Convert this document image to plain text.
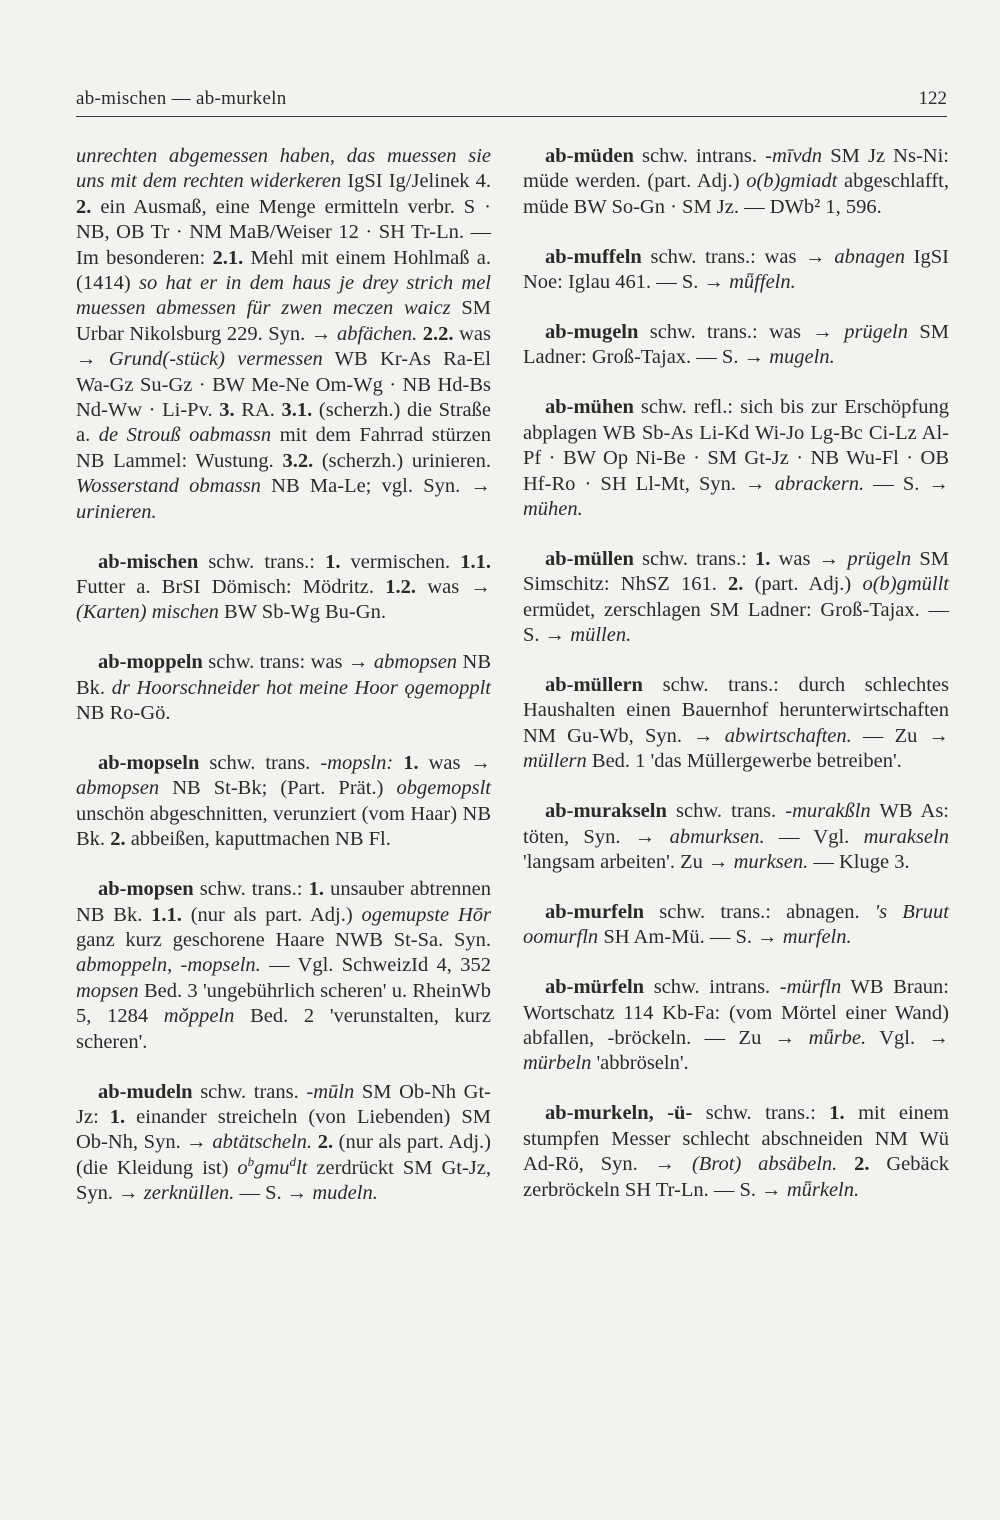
ab-mischen — ab-murkeln	122

unrechten abgemessen haben, das muessen sie uns mit dem rechten widerkeren IgSI Ig/Jelinek 4. 2. ein Ausmaß, eine Menge ermitteln verbr. S · NB, OB Tr · NM MaB/Weiser 12 · SH Tr-Ln. — Im besonderen: 2.1. Mehl mit einem Hohlmaß a. (1414) so hat er in dem haus je drey strich mel muessen abmessen für zwen meczen waicz SM Urbar Nikolsburg 229. Syn. → abfächen. 2.2. was → Grund(-stück) vermessen WB Kr-As Ra-El Wa-Gz Su-Gz · BW Me-Ne Om-Wg · NB Hd-Bs Nd-Ww · Li-Pv. 3. RA. 3.1. (scherzh.) die Straße a. de Strouß oabmassn mit dem Fahrrad stürzen NB Lammel: Wustung. 3.2. (scherzh.) urinieren. Wosserstand obmassn NB Ma-Le; vgl. Syn. → urinieren.

ab-mischen schw. trans.: 1. vermischen. 1.1. Futter a. BrSI Dömisch: Mödritz. 1.2. was → (Karten) mischen BW Sb-Wg Bu-Gn.

ab-moppeln schw. trans: was → abmopsen NB Bk. dr Hoorschneider hot meine Hoor ǫgemopplt NB Ro-Gö.

ab-mopseln schw. trans. -mopsln: 1. was → abmopsen NB St-Bk; (Part. Prät.) obgemopslt unschön abgeschnitten, verunziert (vom Haar) NB Bk. 2. abbeißen, kaputtmachen NB Fl.

ab-mopsen schw. trans.: 1. unsauber abtrennen NB Bk. 1.1. (nur als part. Adj.) ogemupste Hōr ganz kurz geschorene Haare NWB St-Sa. Syn. abmoppeln, -mopseln. — Vgl. SchweizId 4, 352 mopsen Bed. 3 'ungebührlich scheren' u. RheinWb 5, 1284 mǒppeln Bed. 2 'verunstalten, kurz scheren'.

ab-mudeln schw. trans. -mūln SM Ob-Nh Gt-Jz: 1. einander streicheln (von Liebenden) SM Ob-Nh, Syn. → abtätscheln. 2. (nur als part. Adj.) (die Kleidung ist) $o^bgmu^dlt$ zerdrückt SM Gt-Jz, Syn. → zerknüllen. — S. → mudeln.

ab-müden schw. intrans. -mīvdn SM Jz Ns-Ni: müde werden. (part. Adj.) o(b)gmiadt abgeschlafft, müde BW So-Gn · SM Jz. — DWb² 1, 596.

ab-muffeln schw. trans.: was → abnagen IgSI Noe: Iglau 461. — S. → mǖffeln.

ab-mugeln schw. trans.: was → prügeln SM Ladner: Groß-Tajax. — S. → mugeln.

ab-mühen schw. refl.: sich bis zur Erschöpfung abplagen WB Sb-As Li-Kd Wi-Jo Lg-Bc Ci-Lz Al-Pf · BW Op Ni-Be · SM Gt-Jz · NB Wu-Fl · OB Hf-Ro · SH Ll-Mt, Syn. → abrackern. — S. → mühen.

ab-müllen schw. trans.: 1. was → prügeln SM Simschitz: NhSZ 161. 2. (part. Adj.) o(b)gmüllt ermüdet, zerschlagen SM Ladner: Groß-Tajax. — S. → müllen.

ab-müllern schw. trans.: durch schlechtes Haushalten einen Bauernhof herunterwirtschaften NM Gu-Wb, Syn. → abwirtschaften. — Zu → müllern Bed. 1 'das Müllergewerbe betreiben'.

ab-murakseln schw. trans. -murakßln WB As: töten, Syn. → abmurksen. — Vgl. murakseln 'langsam arbeiten'. Zu → murksen. — Kluge 3.

ab-murfeln schw. trans.: abnagen. 's Bruut oomurfln SH Am-Mü. — S. → murfeln.

ab-mürfeln schw. intrans. -mürfln WB Braun: Wortschatz 114 Kb-Fa: (vom Mörtel einer Wand) abfallen, -bröckeln. — Zu → mǖrbe. Vgl. → mürbeln 'abbröseln'.

ab-murkeln, -ü- schw. trans.: 1. mit einem stumpfen Messer schlecht abschneiden NM Wü Ad-Rö, Syn. → (Brot) absäbeln. 2. Gebäck zerbröckeln SH Tr-Ln. — S. → mǖrkeln.
